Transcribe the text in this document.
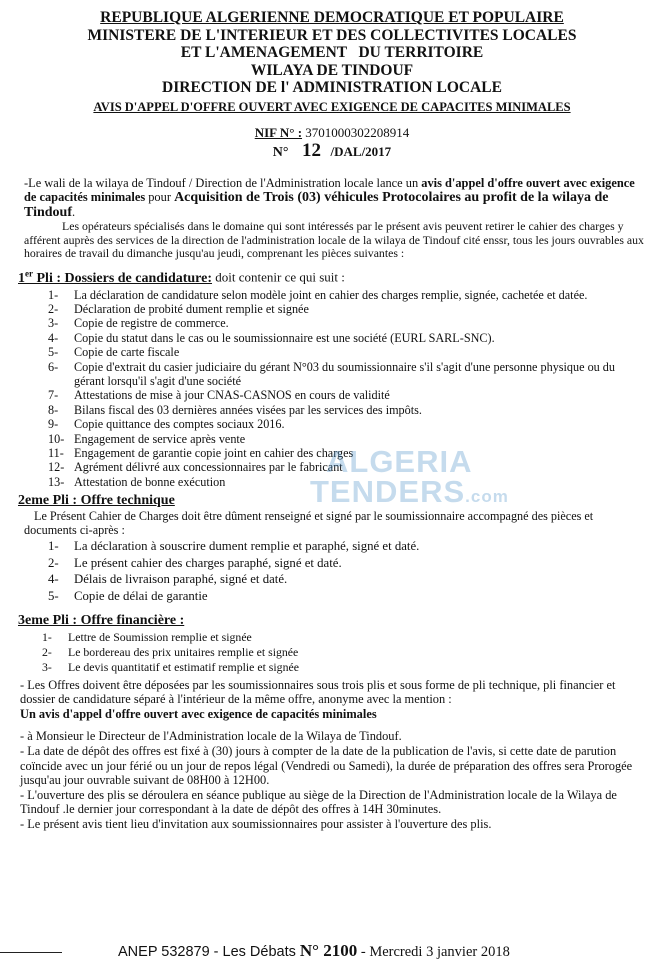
REPUBLIQUE ALGERIENNE DEMOCRATIQUE ET POPULAIRE
MINISTERE DE L'INTERIEUR ET DES COLLECTIVITES LOCALES
ET L'AMENAGEMENT   DU TERRITOIRE
WILAYA DE TINDOUF
DIRECTION DE l' ADMINISTRATION LOCALE
AVIS D'APPEL D'OFFRE OUVERT AVEC EXIGENCE DE CAPACITES MINIMALES
NIF N° : 3701000302208914
N° 12 /DAL/2017

-Le wali de la wilaya de Tindouf / Direction de l'Administration locale lance un avis d'appel d'offre ouvert avec exigence de capacités minimales pour Acquisition de Trois (03) véhicules Protocolaires au profit de la wilaya de Tindouf.

Les opérateurs spécialisés dans le domaine qui sont intéressés par le présent avis peuvent retirer le cahier des charges y afférent auprès des services de la direction de l'administration locale de la wilaya de Tindouf cité enssr, tous les jours ouvrables aux horaires de travail du dimanche jusqu'au jeudi, comprenant les pièces suivantes :

1er Pli : Dossiers de candidature: doit contenir ce qui suit :
1- La déclaration de candidature selon modèle joint en cahier des charges remplie, signée, cachetée et datée.
2- Déclaration de probité dument remplie et signée
3- Copie de registre de commerce.
4- Copie du statut dans le cas ou le soumissionnaire est une société (EURL SARL-SNC).
5- Copie de carte fiscale
6- Copie d'extrait du casier judiciaire du gérant N°03 du soumissionnaire s'il s'agit d'une personne physique ou du gérant lorsqu'il s'agit d'une société
7- Attestations de mise à jour CNAS-CASNOS en cours de validité
8- Bilans fiscal des 03 dernières années visées par les services des impôts.
9- Copie quittance des comptes sociaux 2016.
10- Engagement de service après vente
11- Engagement de garantie copie joint en cahier des charges
12- Agrément délivré aux concessionnaires par le fabricant
13- Attestation de bonne exécution
2eme Pli : Offre technique

Le Présent Cahier de Charges doit être dûment renseigné et signé par le soumissionnaire accompagné des pièces et documents ci-après :

1- La déclaration à souscrire dument remplie et paraphé, signé et daté.
2- Le présent cahier des charges paraphé, signé et daté.
4- Délais de livraison paraphé, signé et daté.
5- Copie de délai de garantie
3eme Pli : Offre financière :
1- Lettre de Soumission remplie et signée
2- Le bordereau des prix unitaires remplie et signée
3- Le devis quantitatif et estimatif remplie et signée

- Les Offres doivent être déposées par les soumissionnaires sous trois plis et sous forme de pli technique, pli financier et dossier de candidature séparé à l'intérieur de la même offre, anonyme avec la mention :

Un avis d'appel d'offre ouvert avec exigence de capacités minimales

- à Monsieur le Directeur de l'Administration locale de la Wilaya de Tindouf.

- La date de dépôt des offres est fixé à (30) jours à compter de la date de la publication de l'avis, si cette date de parution coïncide avec un jour férié ou un jour de repos légal (Vendredi ou Samedi), la durée de préparation des offres sera Prorogée jusqu'au jour ouvrable suivant de 08H00 à 12H00.

- L'ouverture des plis se déroulera en séance publique au siège de la Direction de l'Administration locale de la Wilaya de Tindouf .le dernier jour correspondant à la date de dépôt des offres à 14H 30minutes.

- Le présent avis tient lieu d'invitation aux soumissionnaires pour assister à l'ouverture des plis.

ALGERIA
TENDERS.com
ANEP 532879 - Les Débats N° 2100 - Mercredi 3 janvier 2018
